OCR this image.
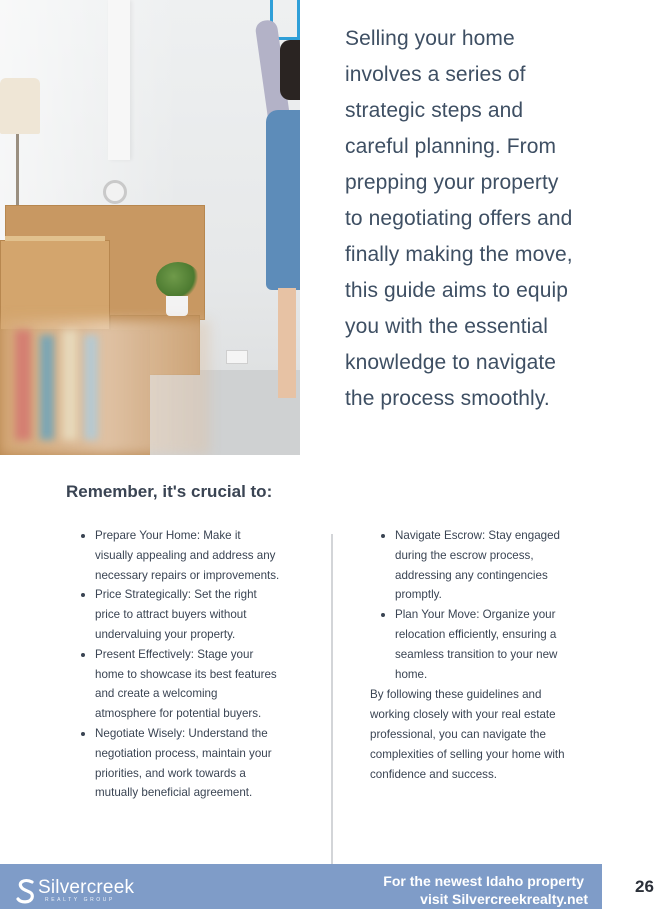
Selling your home
involves a series of
strategic steps and
careful planning. From
prepping your property
to negotiating offers and
finally making the move,
this guide aims to equip
you with the essential
knowledge to navigate
the process smoothly.
Remember, it's crucial to:
Prepare Your Home: Make it
visually appealing and address any
necessary repairs or improvements.
Price Strategically: Set the right
price to attract buyers without
undervaluing your property.
Present Effectively: Stage your
home to showcase its best features
and create a welcoming
atmosphere for potential buyers.
Negotiate Wisely: Understand the
negotiation process, maintain your
priorities, and work towards a
mutually beneficial agreement.
Navigate Escrow: Stay engaged
during the escrow process,
addressing any contingencies
promptly.
Plan Your Move: Organize your
relocation efficiently, ensuring a
seamless transition to your new
home.
By following these guidelines and
working closely with your real estate
professional, you can navigate the
complexities of selling your home with
confidence and success.
Silvercreek
REALTY GROUP
For the newest Idaho property
visit Silvercreekrealty.net
26
